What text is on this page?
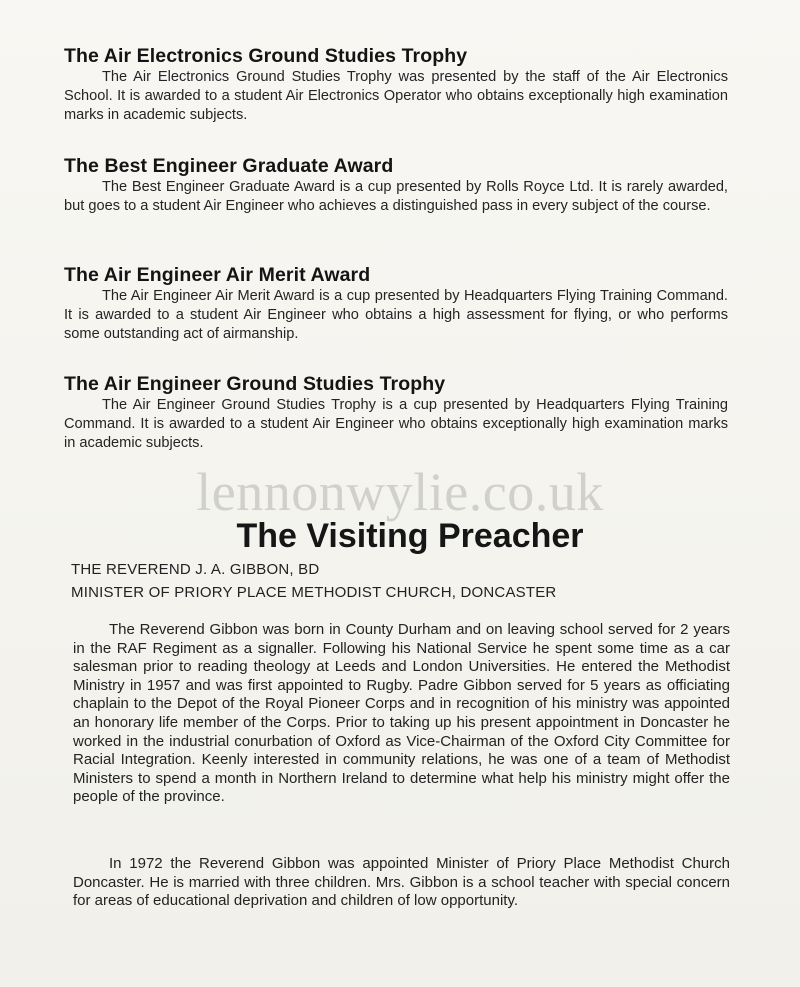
The Air Electronics Ground Studies Trophy

The Air Electronics Ground Studies Trophy was presented by the staff of the Air Electronics School. It is awarded to a student Air Electronics Operator who obtains exceptionally high examination marks in academic subjects.

The Best Engineer Graduate Award

The Best Engineer Graduate Award is a cup presented by Rolls Royce Ltd. It is rarely awarded, but goes to a student Air Engineer who achieves a distinguished pass in every subject of the course.

The Air Engineer Air Merit Award

The Air Engineer Air Merit Award is a cup presented by Headquarters Flying Training Command. It is awarded to a student Air Engineer who obtains a high assessment for flying, or who performs some outstanding act of airmanship.

The Air Engineer Ground Studies Trophy

The Air Engineer Ground Studies Trophy is a cup presented by Headquarters Flying Training Command. It is awarded to a student Air Engineer who obtains exceptionally high examination marks in academic subjects.

lennonwylie.co.uk
The Visiting Preacher

THE REVEREND J. A. GIBBON, BD

MINISTER OF PRIORY PLACE METHODIST CHURCH, DONCASTER

The Reverend Gibbon was born in County Durham and on leaving school served for 2 years in the RAF Regiment as a signaller. Following his National Service he spent some time as a car salesman prior to reading theology at Leeds and London Universities. He entered the Methodist Ministry in 1957 and was first appointed to Rugby. Padre Gibbon served for 5 years as officiating chaplain to the Depot of the Royal Pioneer Corps and in recognition of his ministry was appointed an honorary life member of the Corps. Prior to taking up his present appointment in Doncaster he worked in the industrial conurbation of Oxford as Vice-Chairman of the Oxford City Committee for Racial Integration. Keenly interested in community relations, he was one of a team of Methodist Ministers to spend a month in Northern Ireland to determine what help his ministry might offer the people of the province.

In 1972 the Reverend Gibbon was appointed Minister of Priory Place Methodist Church Doncaster. He is married with three children. Mrs. Gibbon is a school teacher with special concern for areas of educational deprivation and children of low opportunity.
